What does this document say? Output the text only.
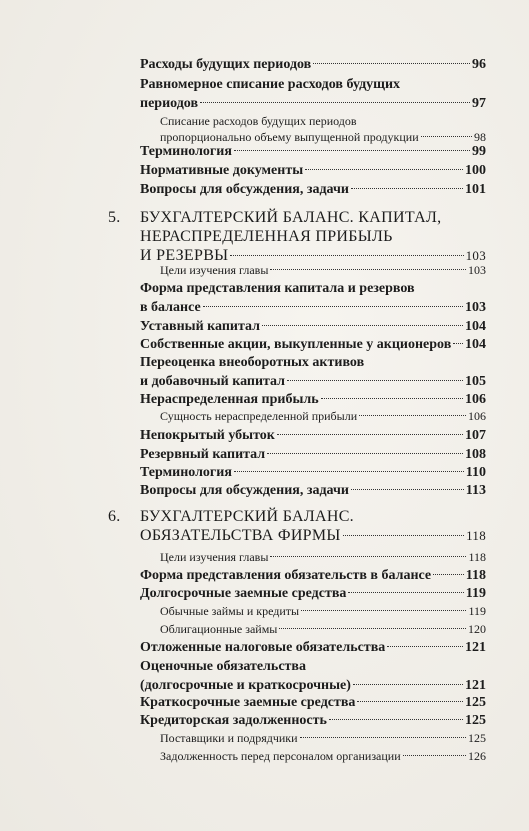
Расходы будущих периодов	96
Равномерное списание расходов будущих
периодов	97
Списание расходов будущих периодов
пропорционально объему выпущенной продукции	98
Терминология	99
Нормативные документы	100
Вопросы для обсуждения, задачи	101
5. БУХГАЛТЕРСКИЙ БАЛАНС. КАПИТАЛ,
НЕРАСПРЕДЕЛЕННАЯ ПРИБЫЛЬ
И РЕЗЕРВЫ	103
Цели изучения главы	103
Форма представления капитала и резервов
в балансе	103
Уставный капитал	104
Собственные акции, выкупленные у акционеров 104
Переоценка внеоборотных активов
и добавочный капитал	105
Нераспределенная прибыль	106
Сущность нераспределенной прибыли	106
Непокрытый убыток	107
Резервный капитал	108
Терминология	110
Вопросы для обсуждения, задачи	113
6. БУХГАЛТЕРСКИЙ БАЛАНС.
ОБЯЗАТЕЛЬСТВА ФИРМЫ	118
Цели изучения главы	118
Форма представления обязательств в балансе 118
Долгосрочные заемные средства	119
Обычные займы и кредиты	119
Облигационные займы	120
Отложенные налоговые обязательства	121
Оценочные обязательства
(долгосрочные и краткосрочные)	121
Краткосрочные заемные средства	125
Кредиторская задолженность	125
Поставщики и подрядчики	125
Задолженность перед персоналом организации	126
